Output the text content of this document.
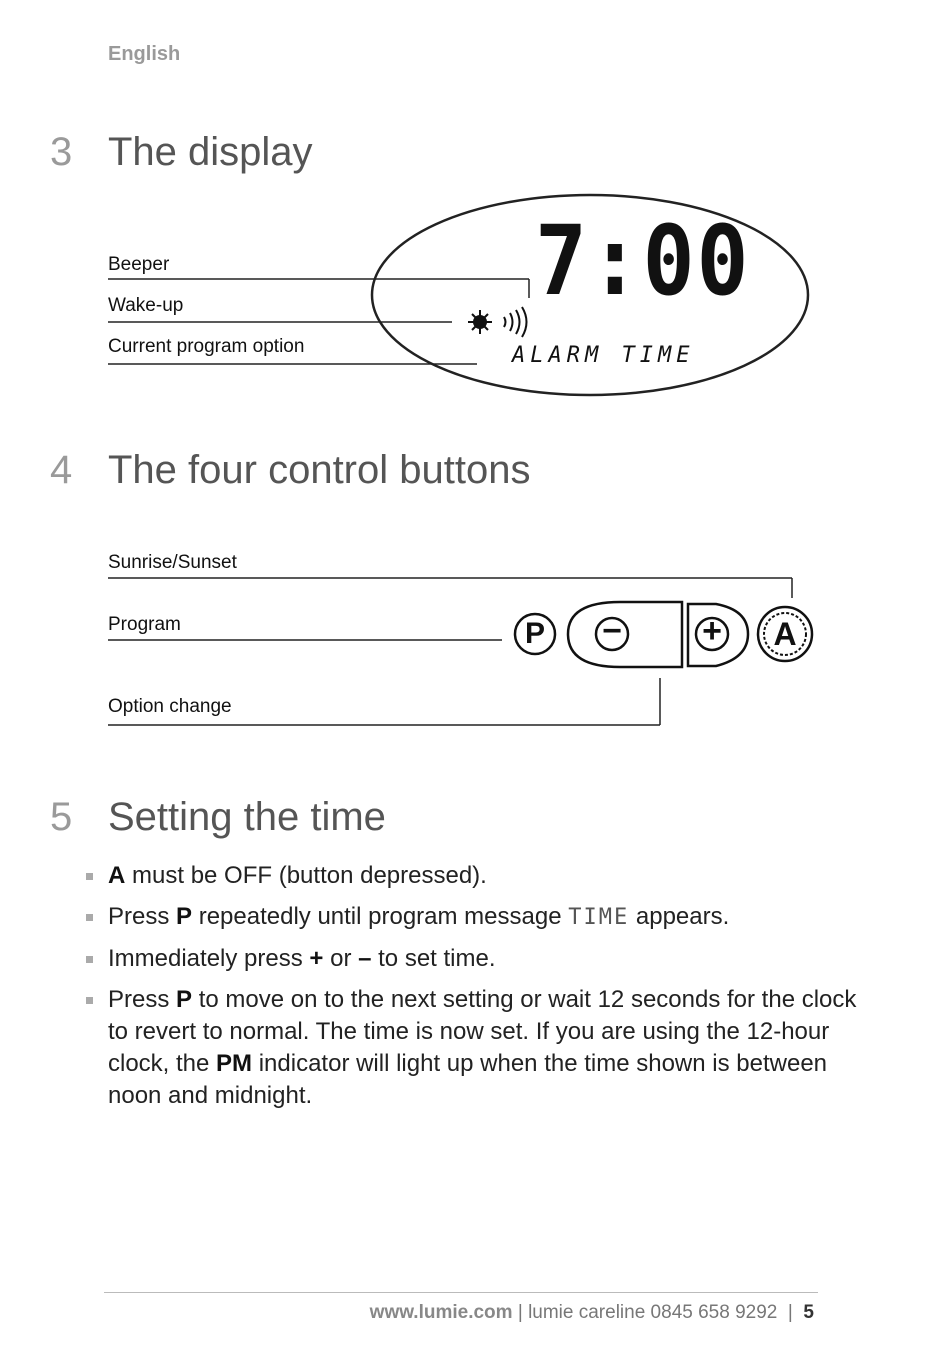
English
3 The display
Beeper
Wake-up
Current program option
7:00
ALARM TIME
4 The four control buttons
Sunrise/Sunset
Program
Option change
P − + A
5 Setting the time
A must be OFF (button depressed).
Press P repeatedly until program message TIME appears.
Immediately press + or – to set time.
Press P to move on to the next setting or wait 12 seconds for the clock to revert to normal. The time is now set. If you are using the 12-hour clock, the PM indicator will light up when the time shown is between noon and midnight.
www.lumie.com | lumie careline 0845 658 9292  |  5
